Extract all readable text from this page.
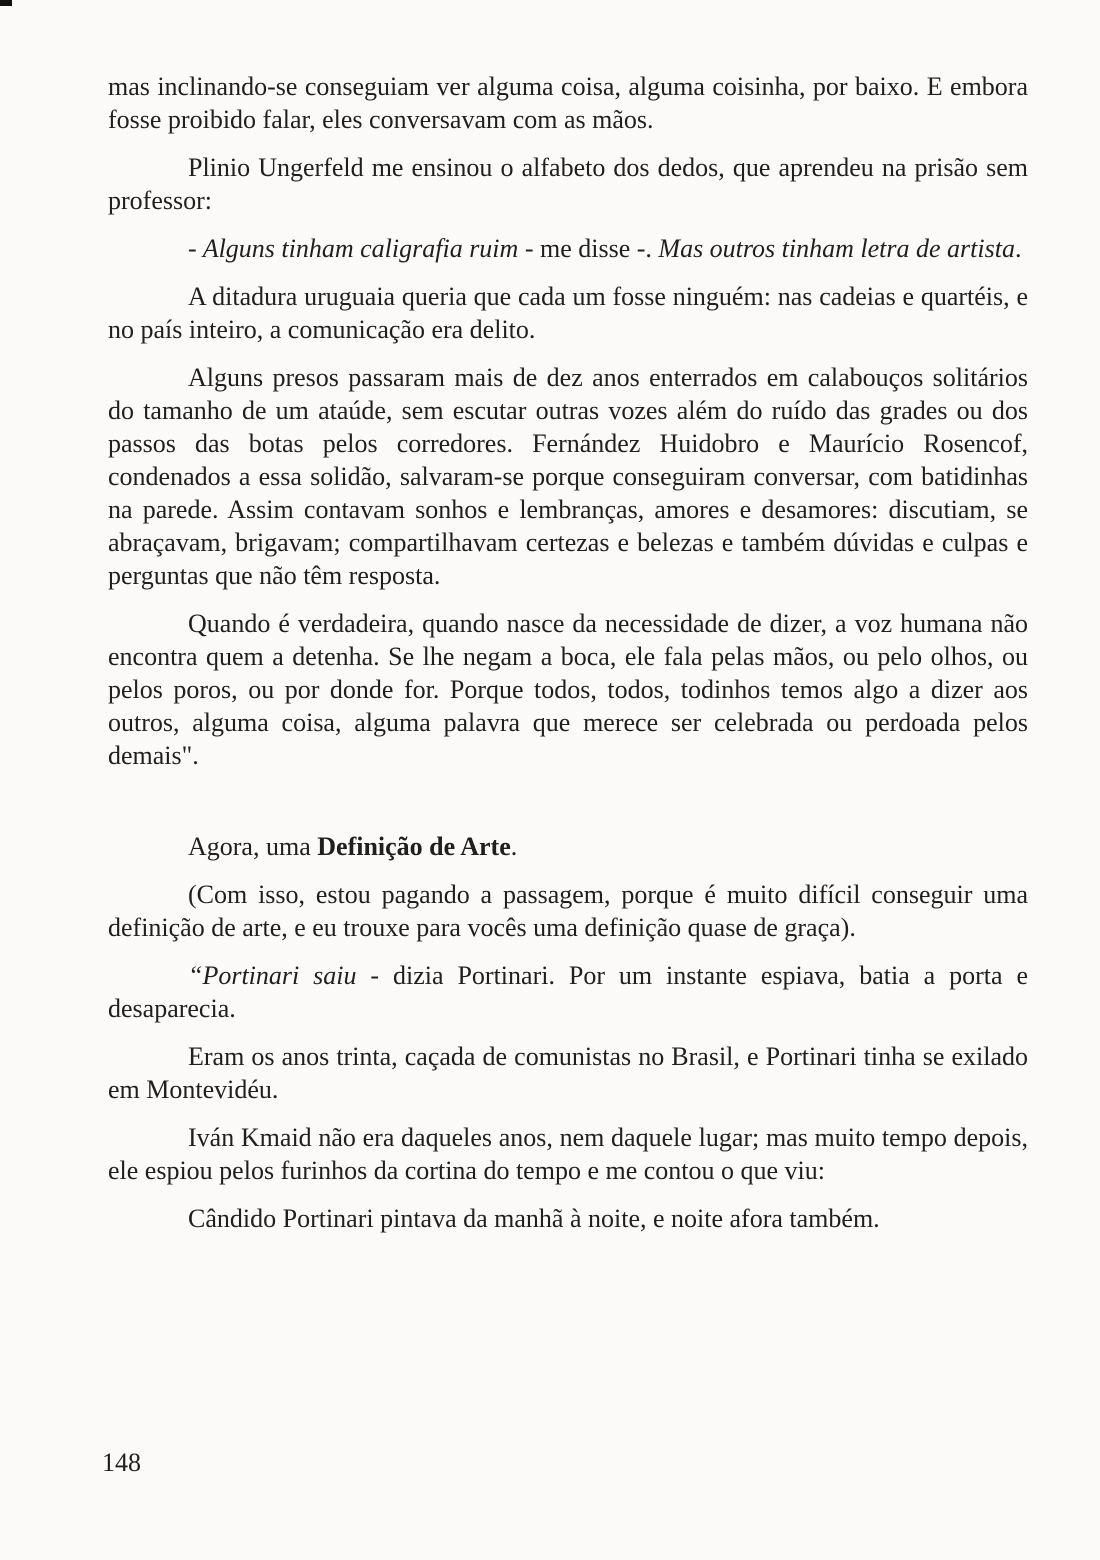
mas inclinando-se conseguiam ver alguma coisa, alguma coisinha, por baixo. E embora fosse proibido falar, eles conversavam com as mãos.

Plinio Ungerfeld me ensinou o alfabeto dos dedos, que aprendeu na prisão sem professor:

- Alguns tinham caligrafia ruim - me disse -. Mas outros tinham letra de artista.

A ditadura uruguaia queria que cada um fosse ninguém: nas cadeias e quartéis, e no país inteiro, a comunicação era delito.

Alguns presos passaram mais de dez anos enterrados em calabouços solitários do tamanho de um ataúde, sem escutar outras vozes além do ruído das grades ou dos passos das botas pelos corredores. Fernández Huidobro e Maurício Rosencof, condenados a essa solidão, salvaram-se porque conseguiram conversar, com batidinhas na parede. Assim contavam sonhos e lembranças, amores e desamores: discutiam, se abraçavam, brigavam; compartilhavam certezas e belezas e também dúvidas e culpas e perguntas que não têm resposta.

Quando é verdadeira, quando nasce da necessidade de dizer, a voz humana não encontra quem a detenha. Se lhe negam a boca, ele fala pelas mãos, ou pelo olhos, ou pelos poros, ou por donde for. Porque todos, todos, todinhos temos algo a dizer aos outros, alguma coisa, alguma palavra que merece ser celebrada ou perdoada pelos demais".

Agora, uma Definição de Arte.

(Com isso, estou pagando a passagem, porque é muito difícil conseguir uma definição de arte, e eu trouxe para vocês uma definição quase de graça).

“Portinari saiu - dizia Portinari. Por um instante espiava, batia a porta e desaparecia.

Eram os anos trinta, caçada de comunistas no Brasil, e Portinari tinha se exilado em Montevidéu.

Iván Kmaid não era daqueles anos, nem daquele lugar; mas muito tempo depois, ele espiou pelos furinhos da cortina do tempo e me contou o que viu:

Cândido Portinari pintava da manhã à noite, e noite afora também.

148
